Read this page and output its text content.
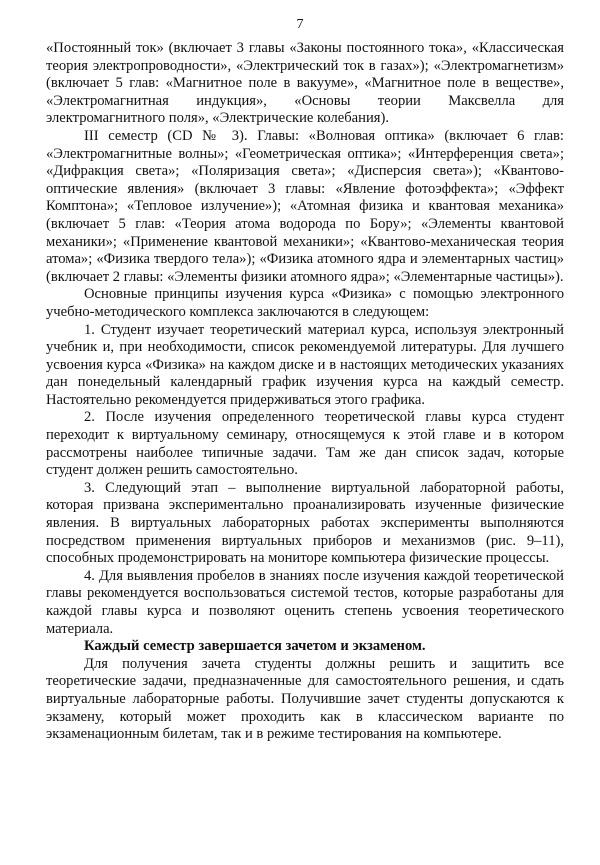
7

«Постоянный ток» (включает 3 главы «Законы постоянного тока», «Классическая теория электропроводности», «Электрический ток в газах»); «Электромагнетизм» (включает 5 глав: «Магнитное поле в вакууме», «Магнитное поле в веществе», «Электромагнитная индукция», «Основы теории Максвелла для электромагнитного поля», «Электрические колебания).

III семестр (CD № 3). Главы: «Волновая оптика» (включает 6 глав: «Электромагнитные волны»; «Геометрическая оптика»; «Интерференция света»; «Дифракция света»; «Поляризация света»; «Дисперсия света»); «Квантово-оптические явления» (включает 3 главы: «Явление фотоэффекта»; «Эффект Комптона»; «Тепловое излучение»); «Атомная физика и квантовая механика» (включает 5 глав: «Теория атома водорода по Бору»; «Элементы квантовой механики»; «Применение квантовой механики»; «Квантово-механическая теория атома»; «Физика твердого тела»); «Физика атомного ядра и элементарных частиц» (включает 2 главы: «Элементы физики атомного ядра»; «Элементарные частицы»).

Основные принципы изучения курса «Физика» с помощью электронного учебно-методического комплекса заключаются в следующем:

1. Студент изучает теоретический материал курса, используя электронный учебник и, при необходимости, список рекомендуемой литературы. Для лучшего усвоения курса «Физика» на каждом диске и в настоящих методических указаниях дан понедельный календарный график изучения курса на каждый семестр. Настоятельно рекомендуется придерживаться этого графика.

2. После изучения определенного теоретической главы курса студент переходит к виртуальному семинару, относящемуся к этой главе и в котором рассмотрены наиболее типичные задачи. Там же дан список задач, которые студент должен решить самостоятельно.

3. Следующий этап – выполнение виртуальной лабораторной работы, которая призвана экспериментально проанализировать изученные физические явления. В виртуальных лабораторных работах эксперименты выполняются посредством применения виртуальных приборов и механизмов (рис. 9–11), способных продемонстрировать на мониторе компьютера физические процессы.

4. Для выявления пробелов в знаниях после изучения каждой теоретической главы рекомендуется воспользоваться системой тестов, которые разработаны для каждой главы курса и позволяют оценить степень усвоения теоретического материала.

Каждый семестр завершается зачетом и экзаменом.

Для получения зачета студенты должны решить и защитить все теоретические задачи, предназначенные для самостоятельного решения, и сдать виртуальные лабораторные работы. Получившие зачет студенты допускаются к экзамену, который может проходить как в классическом варианте по экзаменационным билетам, так и в режиме тестирования на компьютере.
